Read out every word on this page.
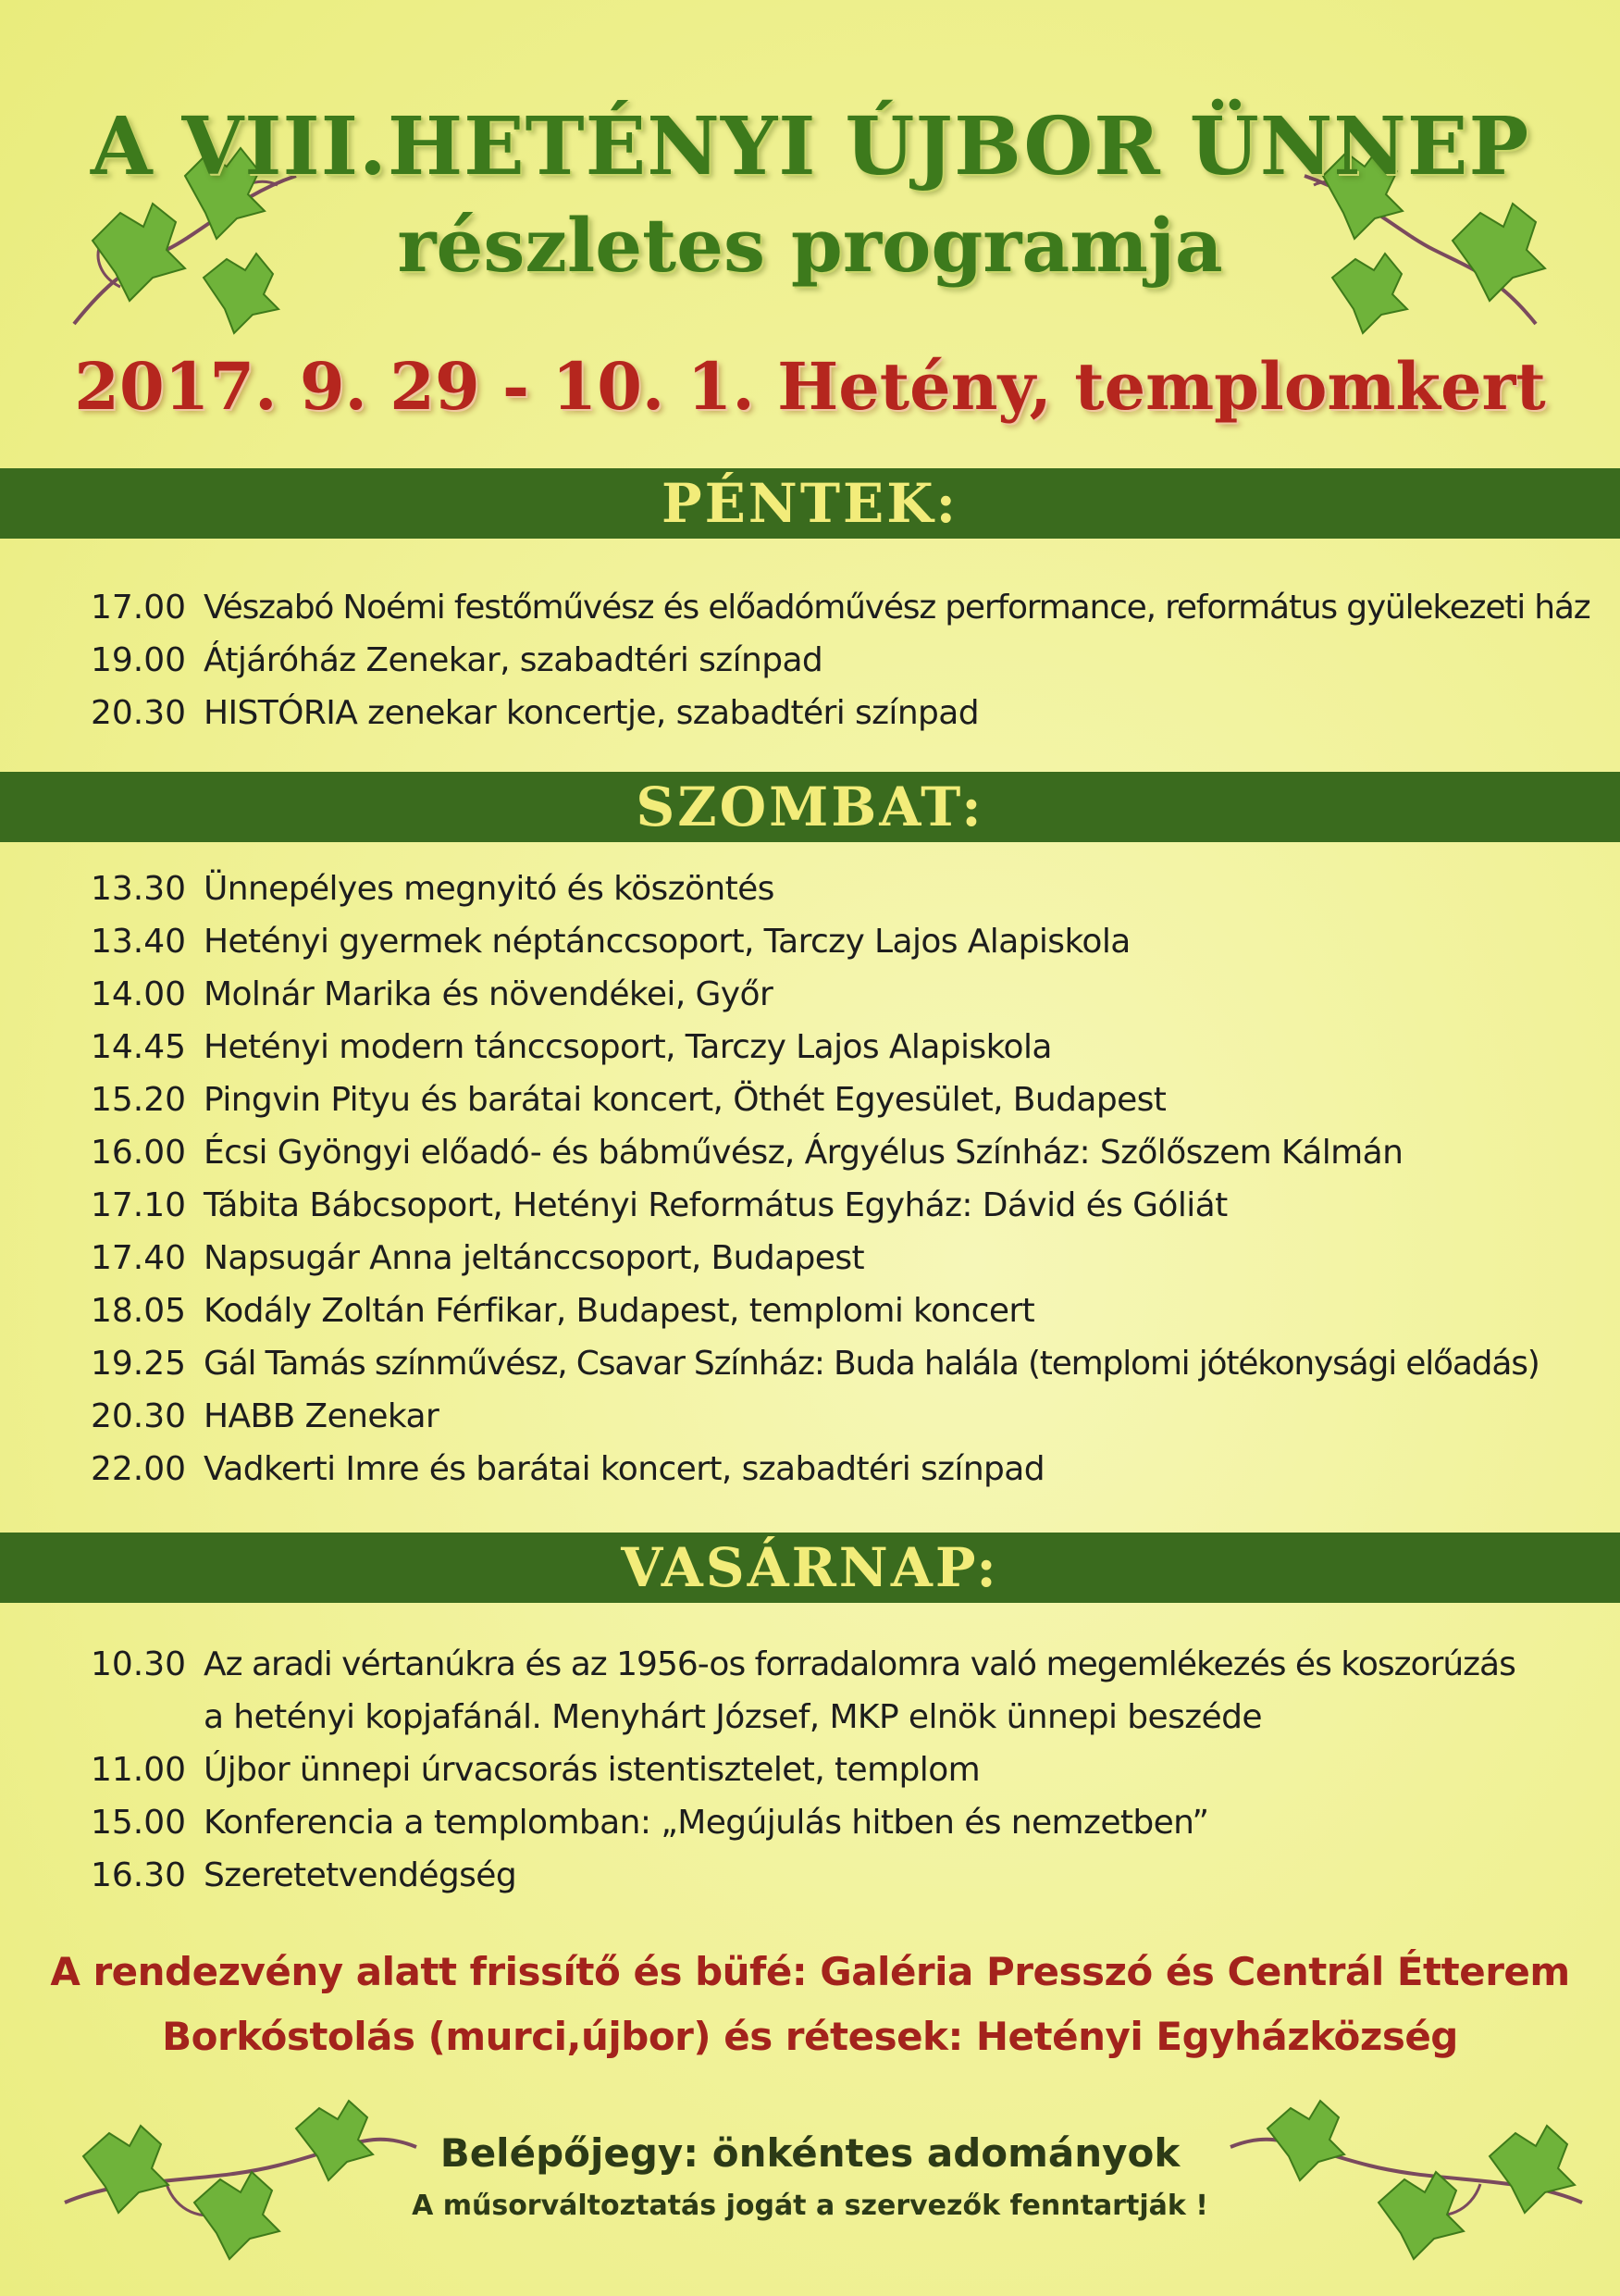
A VIII.HETÉNYI ÚJBOR ÜNNEP
részletes programja
2017. 9. 29 - 10. 1. Hetény, templomkert
PÉNTEK:
17.00 Vészabó Noémi festőművész és előadóművész performance, református gyülekezeti ház
19.00 Átjáróház Zenekar, szabadtéri színpad
20.30 HISTÓRIA zenekar koncertje, szabadtéri színpad
SZOMBAT:
13.30 Ünnepélyes megnyitó és köszöntés
13.40 Hetényi gyermek néptánccsoport, Tarczy Lajos Alapiskola
14.00 Molnár Marika és növendékei, Győr
14.45 Hetényi modern tánccsoport, Tarczy Lajos Alapiskola
15.20 Pingvin Pityu és barátai koncert, Öthét Egyesület, Budapest
16.00 Écsi Gyöngyi előadó- és bábművész, Árgyélus Színház: Szőlőszem Kálmán
17.10 Tábita Bábcsoport, Hetényi Református Egyház: Dávid és Góliát
17.40 Napsugár Anna jeltánccsoport, Budapest
18.05 Kodály Zoltán Férfikar, Budapest, templomi koncert
19.25 Gál Tamás színművész, Csavar Színház: Buda halála (templomi jótékonysági előadás)
20.30 HABB Zenekar
22.00 Vadkerti Imre és barátai koncert, szabadtéri színpad
VASÁRNAP:
10.30 Az aradi vértanúkra és az 1956-os forradalomra való megemlékezés és koszorúzás
a hetényi kopjafánál. Menyhárt József, MKP elnök ünnepi beszéde
11.00 Újbor ünnepi úrvacsorás istentisztelet, templom
15.00 Konferencia a templomban: „Megújulás hitben és nemzetben”
16.30 Szeretetvendégség
A rendezvény alatt frissítő és büfé: Galéria Presszó és Centrál Étterem
Borkóstolás (murci,újbor) és rétesek: Hetényi Egyházközség
Belépőjegy: önkéntes adományok
A műsorváltoztatás jogát a szervezők fenntartják !
